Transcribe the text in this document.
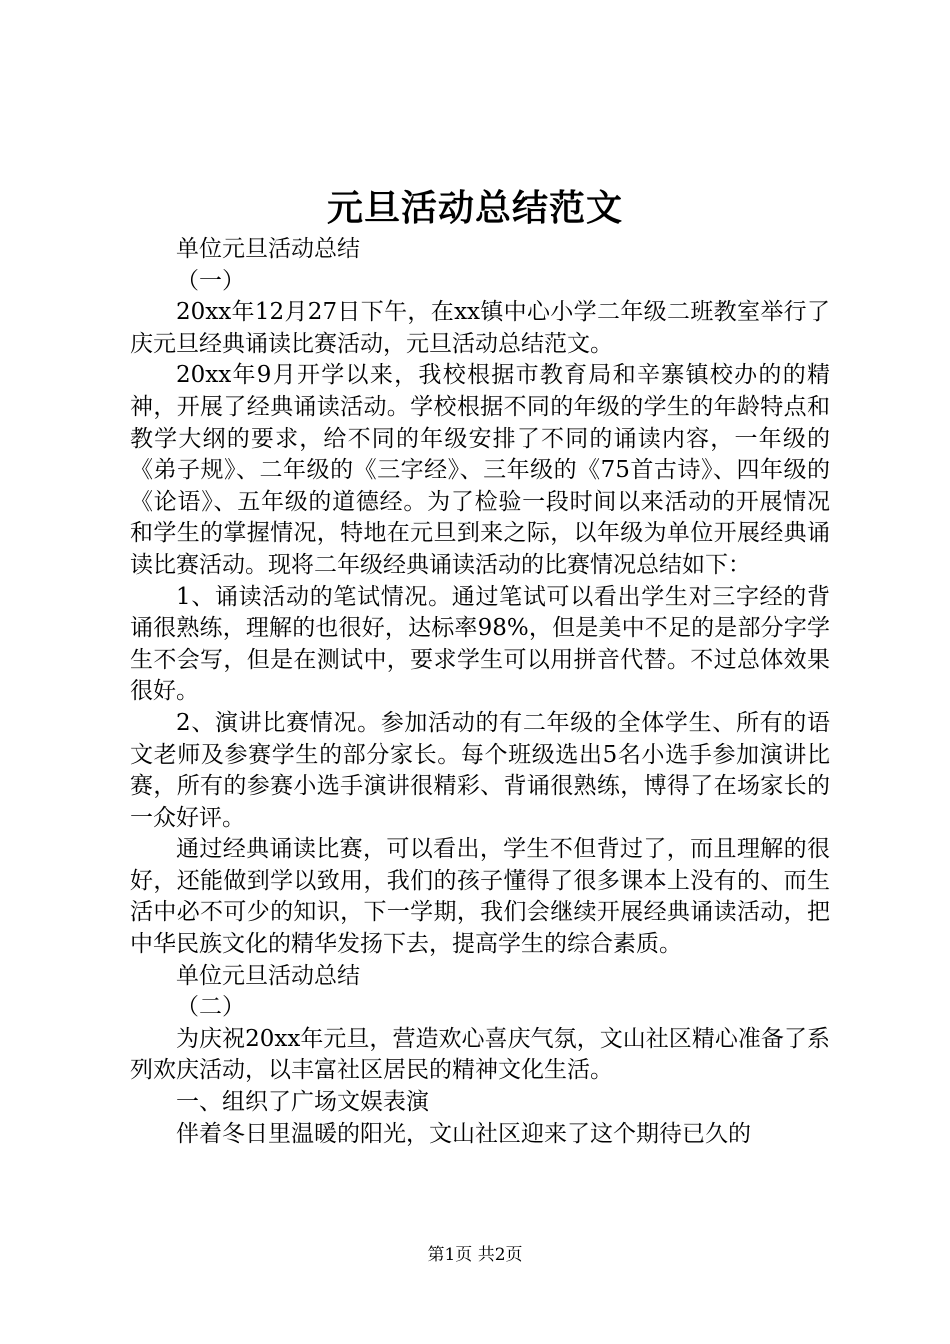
元旦活动总结范文

单位元旦活动总结

（一）

20xx年12月27日下午，在xx镇中心小学二年级二班教室举行了庆元旦经典诵读比赛活动，元旦活动总结范文。

20xx年9月开学以来，我校根据市教育局和辛寨镇校办的的精神，开展了经典诵读活动。学校根据不同的年级的学生的年龄特点和教学大纲的要求，给不同的年级安排了不同的诵读内容，一年级的《弟子规》、二年级的《三字经》、三年级的《75首古诗》、四年级的《论语》、五年级的道德经。为了检验一段时间以来活动的开展情况和学生的掌握情况，特地在元旦到来之际，以年级为单位开展经典诵读比赛活动。现将二年级经典诵读活动的比赛情况总结如下：

1、诵读活动的笔试情况。通过笔试可以看出学生对三字经的背诵很熟练，理解的也很好，达标率98%，但是美中不足的是部分字学生不会写，但是在测试中，要求学生可以用拼音代替。不过总体效果很好。

2、演讲比赛情况。参加活动的有二年级的全体学生、所有的语文老师及参赛学生的部分家长。每个班级选出5名小选手参加演讲比赛，所有的参赛小选手演讲很精彩、背诵很熟练，博得了在场家长的一众好评。

通过经典诵读比赛，可以看出，学生不但背过了，而且理解的很好，还能做到学以致用，我们的孩子懂得了很多课本上没有的、而生活中必不可少的知识，下一学期，我们会继续开展经典诵读活动，把中华民族文化的精华发扬下去，提高学生的综合素质。

单位元旦活动总结

（二）

为庆祝20xx年元旦，营造欢心喜庆气氛，文山社区精心准备了系列欢庆活动，以丰富社区居民的精神文化生活。

一、组织了广场文娱表演

伴着冬日里温暖的阳光，文山社区迎来了这个期待已久的

第1页 共2页
